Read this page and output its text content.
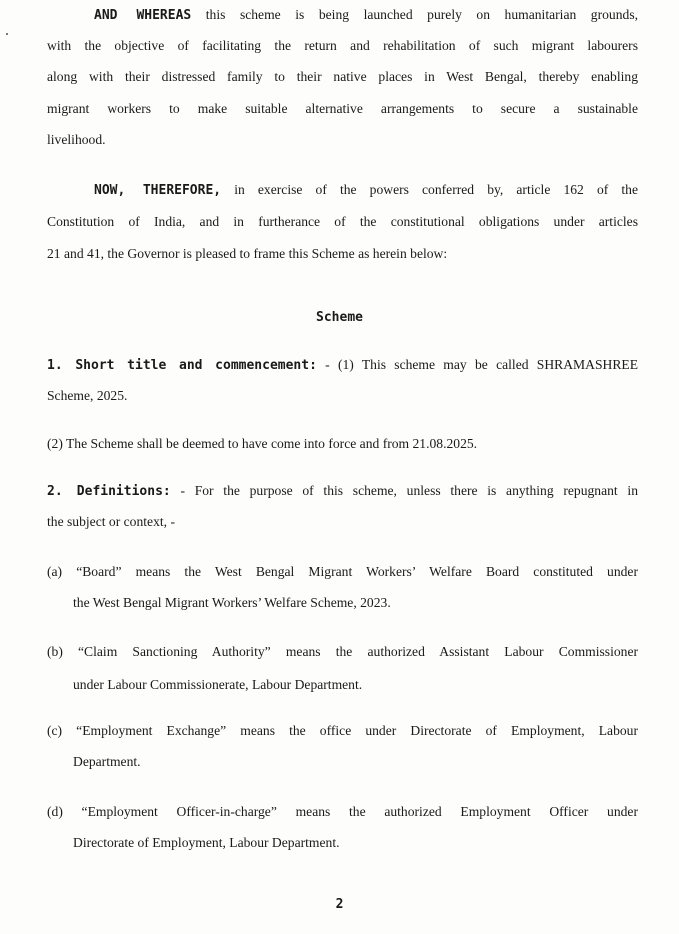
AND WHEREAS this scheme is being launched purely on humanitarian grounds,
with the objective of facilitating the return and rehabilitation of such migrant labourers
along with their distressed family to their native places in West Bengal, thereby enabling
migrant workers to make suitable alternative arrangements to secure a sustainable
livelihood.
NOW, THEREFORE, in exercise of the powers conferred by, article 162 of the
Constitution of India, and in furtherance of the constitutional obligations under articles
21 and 41, the Governor is pleased to frame this Scheme as herein below:
Scheme
1. Short title and commencement: - (1) This scheme may be called SHRAMASHREE
Scheme, 2025.
(2) The Scheme shall be deemed to have come into force and from 21.08.2025.
2. Definitions: - For the purpose of this scheme, unless there is anything repugnant in
the subject or context, -
(a) “Board” means the West Bengal Migrant Workers’ Welfare Board constituted under
the West Bengal Migrant Workers’ Welfare Scheme, 2023.
(b) “Claim Sanctioning Authority” means the authorized Assistant Labour Commissioner
under Labour Commissionerate, Labour Department.
(c) “Employment Exchange” means the office under Directorate of Employment, Labour
Department.
(d) “Employment Officer-in-charge” means the authorized Employment Officer under
Directorate of Employment, Labour Department.
2
